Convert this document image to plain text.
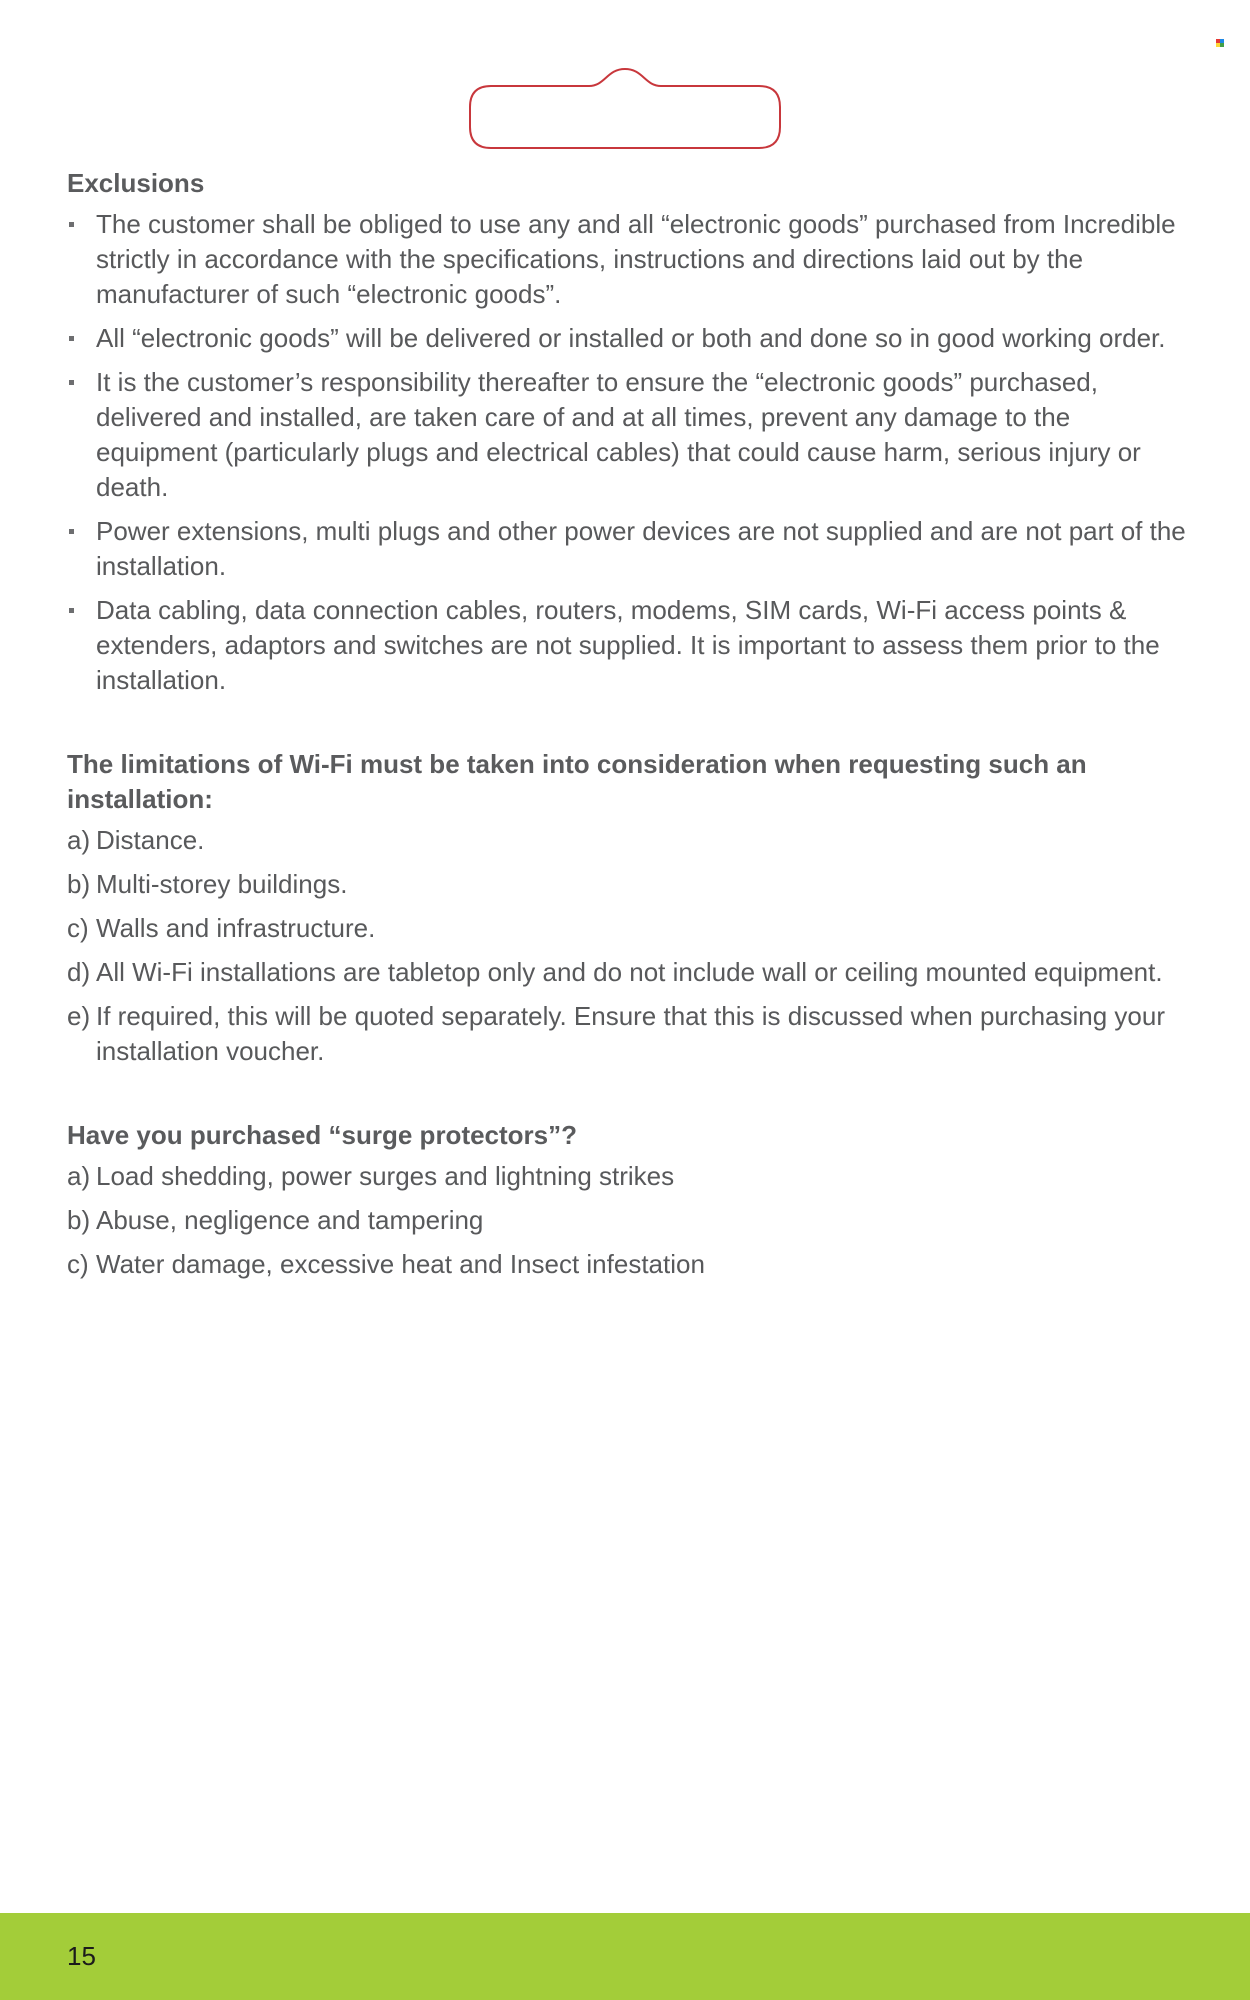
Exclusions
The customer shall be obliged to use any and all “electronic goods” purchased from Incredible strictly in accordance with the specifications, instructions and directions laid out by the manufacturer of such “electronic goods”.
All “electronic goods” will be delivered or installed or both and done so in good working order.
It is the customer’s responsibility thereafter to ensure the “electronic goods” purchased, delivered and installed, are taken care of and at all times, prevent any damage to the equipment (particularly plugs and electrical cables) that could cause harm, serious injury or death.
Power extensions, multi plugs and other power devices are not supplied and are not part of the installation.
Data cabling, data connection cables, routers, modems, SIM cards, Wi-Fi access points & extenders, adaptors and switches are not supplied. It is important to assess them prior to the installation.
The limitations of Wi-Fi must be taken into consideration when requesting such an installation:
a) Distance.
b) Multi-storey buildings.
c) Walls and infrastructure.
d) All Wi-Fi installations are tabletop only and do not include wall or ceiling mounted equipment.
e) If required, this will be quoted separately. Ensure that this is discussed when purchasing your installation voucher.
Have you purchased “surge protectors”?
a) Load shedding, power surges and lightning strikes
b) Abuse, negligence and tampering
c) Water damage, excessive heat and Insect infestation
15
